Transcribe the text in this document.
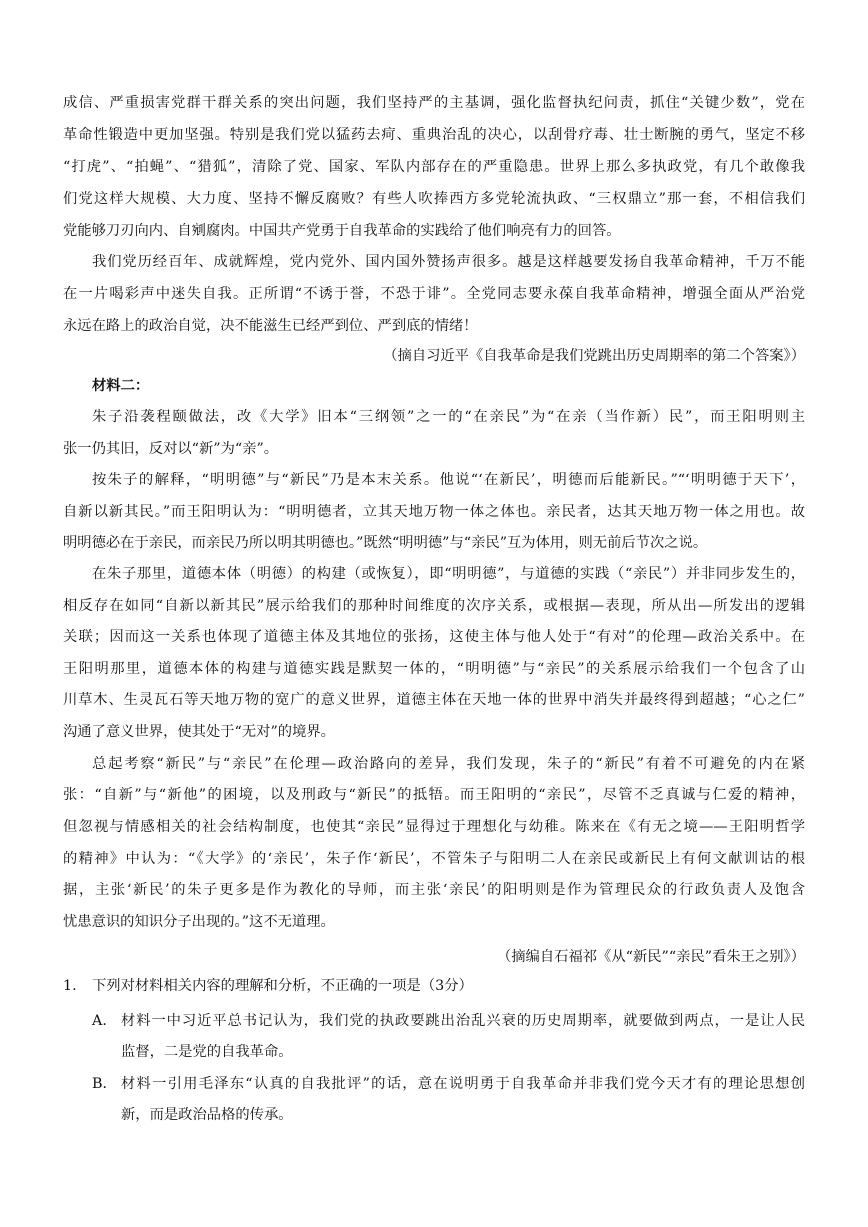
成信、严重损害党群干群关系的突出问题，我们坚持严的主基调，强化监督执纪问责，抓住“关键少数”，党在
革命性锻造中更加坚强。特别是我们党以猛药去疴、重典治乱的决心，以刮骨疗毒、壮士断腕的勇气，坚定不移
“打虎”、“拍蝇”、“猎狐”，清除了党、国家、军队内部存在的严重隐患。世界上那么多执政党，有几个敢像我
们党这样大规模、大力度、坚持不懈反腐败？有些人吹捧西方多党轮流执政、“三权鼎立”那一套，不相信我们
党能够刀刃向内、自剜腐肉。中国共产党勇于自我革命的实践给了他们响亮有力的回答。
我们党历经百年、成就辉煌，党内党外、国内国外赞扬声很多。越是这样越要发扬自我革命精神，千万不能
在一片喝彩声中迷失自我。正所谓“不诱于誉，不恐于诽”。全党同志要永葆自我革命精神，增强全面从严治党
永远在路上的政治自觉，决不能滋生已经严到位、严到底的情绪！
（摘自习近平《自我革命是我们党跳出历史周期率的第二个答案》）
材料二：
朱子沿袭程颐做法，改《大学》旧本“三纲领”之一的“在亲民”为“在亲（当作新）民”，而王阳明则主
张一仍其旧，反对以“新”为“亲”。
按朱子的解释，“明明德”与“新民”乃是本末关系。他说“‘在新民’，明德而后能新民。”“‘明明德于天下’，
自新以新其民。”而王阳明认为：“明明德者，立其天地万物一体之体也。亲民者，达其天地万物一体之用也。故
明明德必在于亲民，而亲民乃所以明其明德也。”既然“明明德”与“亲民”互为体用，则无前后节次之说。
在朱子那里，道德本体（明德）的构建（或恢复），即“明明德”，与道德的实践（“亲民”）并非同步发生的，
相反存在如同“自新以新其民”展示给我们的那种时间维度的次序关系，或根据—表现，所从出—所发出的逻辑
关联；因而这一关系也体现了道德主体及其地位的张扬，这使主体与他人处于“有对”的伦理—政治关系中。在
王阳明那里，道德本体的构建与道德实践是默契一体的，“明明德”与“亲民”的关系展示给我们一个包含了山
川草木、生灵瓦石等天地万物的宽广的意义世界，道德主体在天地一体的世界中消失并最终得到超越；“心之仁”
沟通了意义世界，使其处于“无对”的境界。
总起考察“新民”与“亲民”在伦理—政治路向的差异，我们发现，朱子的“新民”有着不可避免的内在紧
张：“自新”与“新他”的困境，以及刑政与“新民”的抵牾。而王阳明的“亲民”，尽管不乏真诚与仁爱的精神，
但忽视与情感相关的社会结构制度，也使其“亲民”显得过于理想化与幼稚。陈来在《有无之境——王阳明哲学
的精神》中认为：“《大学》的‘亲民’，朱子作‘新民’，不管朱子与阳明二人在亲民或新民上有何文献训诂的根
据，主张‘新民’的朱子更多是作为教化的导师，而主张‘亲民’的阳明则是作为管理民众的行政负责人及饱含
忧患意识的知识分子出现的。”这不无道理。
（摘编自石福祁《从“新民”“亲民”看朱王之别》）
1. 下列对材料相关内容的理解和分析，不正确的一项是（3分）
A． 材料一中习近平总书记认为，我们党的执政要跳出治乱兴衰的历史周期率，就要做到两点，一是让人民
监督，二是党的自我革命。
B． 材料一引用毛泽东“认真的自我批评”的话，意在说明勇于自我革命并非我们党今天才有的理论思想创
新，而是政治品格的传承。
